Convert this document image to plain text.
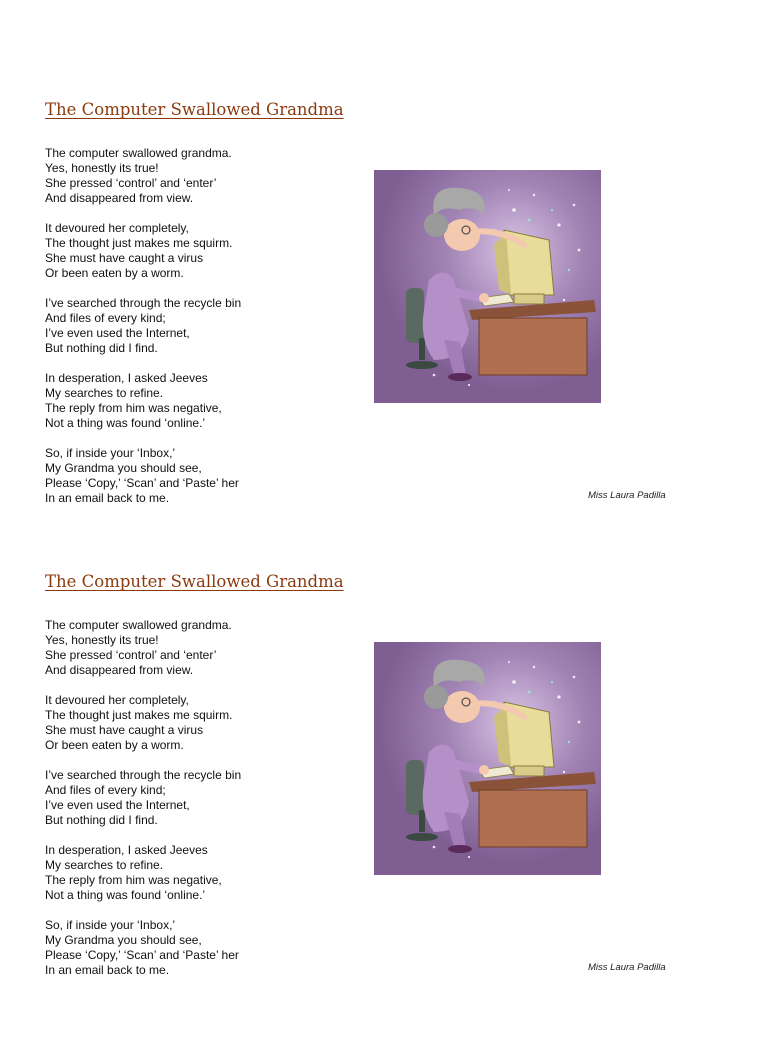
The Computer Swallowed Grandma

The computer swallowed grandma.
Yes, honestly its true!
She pressed ‘control’ and ‘enter’
And disappeared from view.

It devoured her completely,
The thought just makes me squirm.
She must have caught a virus
Or been eaten by a worm.

I’ve searched through the recycle bin
And files of every kind;
I’ve even used the Internet,
But nothing did I find.

In desperation, I asked Jeeves
My searches to refine.
The reply from him was negative,
Not a thing was found ‘online.’

So, if inside your ‘Inbox,’
My Grandma you should see,
Please ‘Copy,’ ‘Scan’ and ‘Paste’ her
In an email back to me.	Miss Laura Padilla
The Computer Swallowed Grandma

The computer swallowed grandma.
Yes, honestly its true!
She pressed ‘control’ and ‘enter’
And disappeared from view.

It devoured her completely,
The thought just makes me squirm.
She must have caught a virus
Or been eaten by a worm.

I’ve searched through the recycle bin
And files of every kind;
I’ve even used the Internet,
But nothing did I find.

In desperation, I asked Jeeves
My searches to refine.
The reply from him was negative,
Not a thing was found ‘online.’

So, if inside your ‘Inbox,’
My Grandma you should see,
Please ‘Copy,’ ‘Scan’ and ‘Paste’ her
In an email back to me.	Miss Laura Padilla
